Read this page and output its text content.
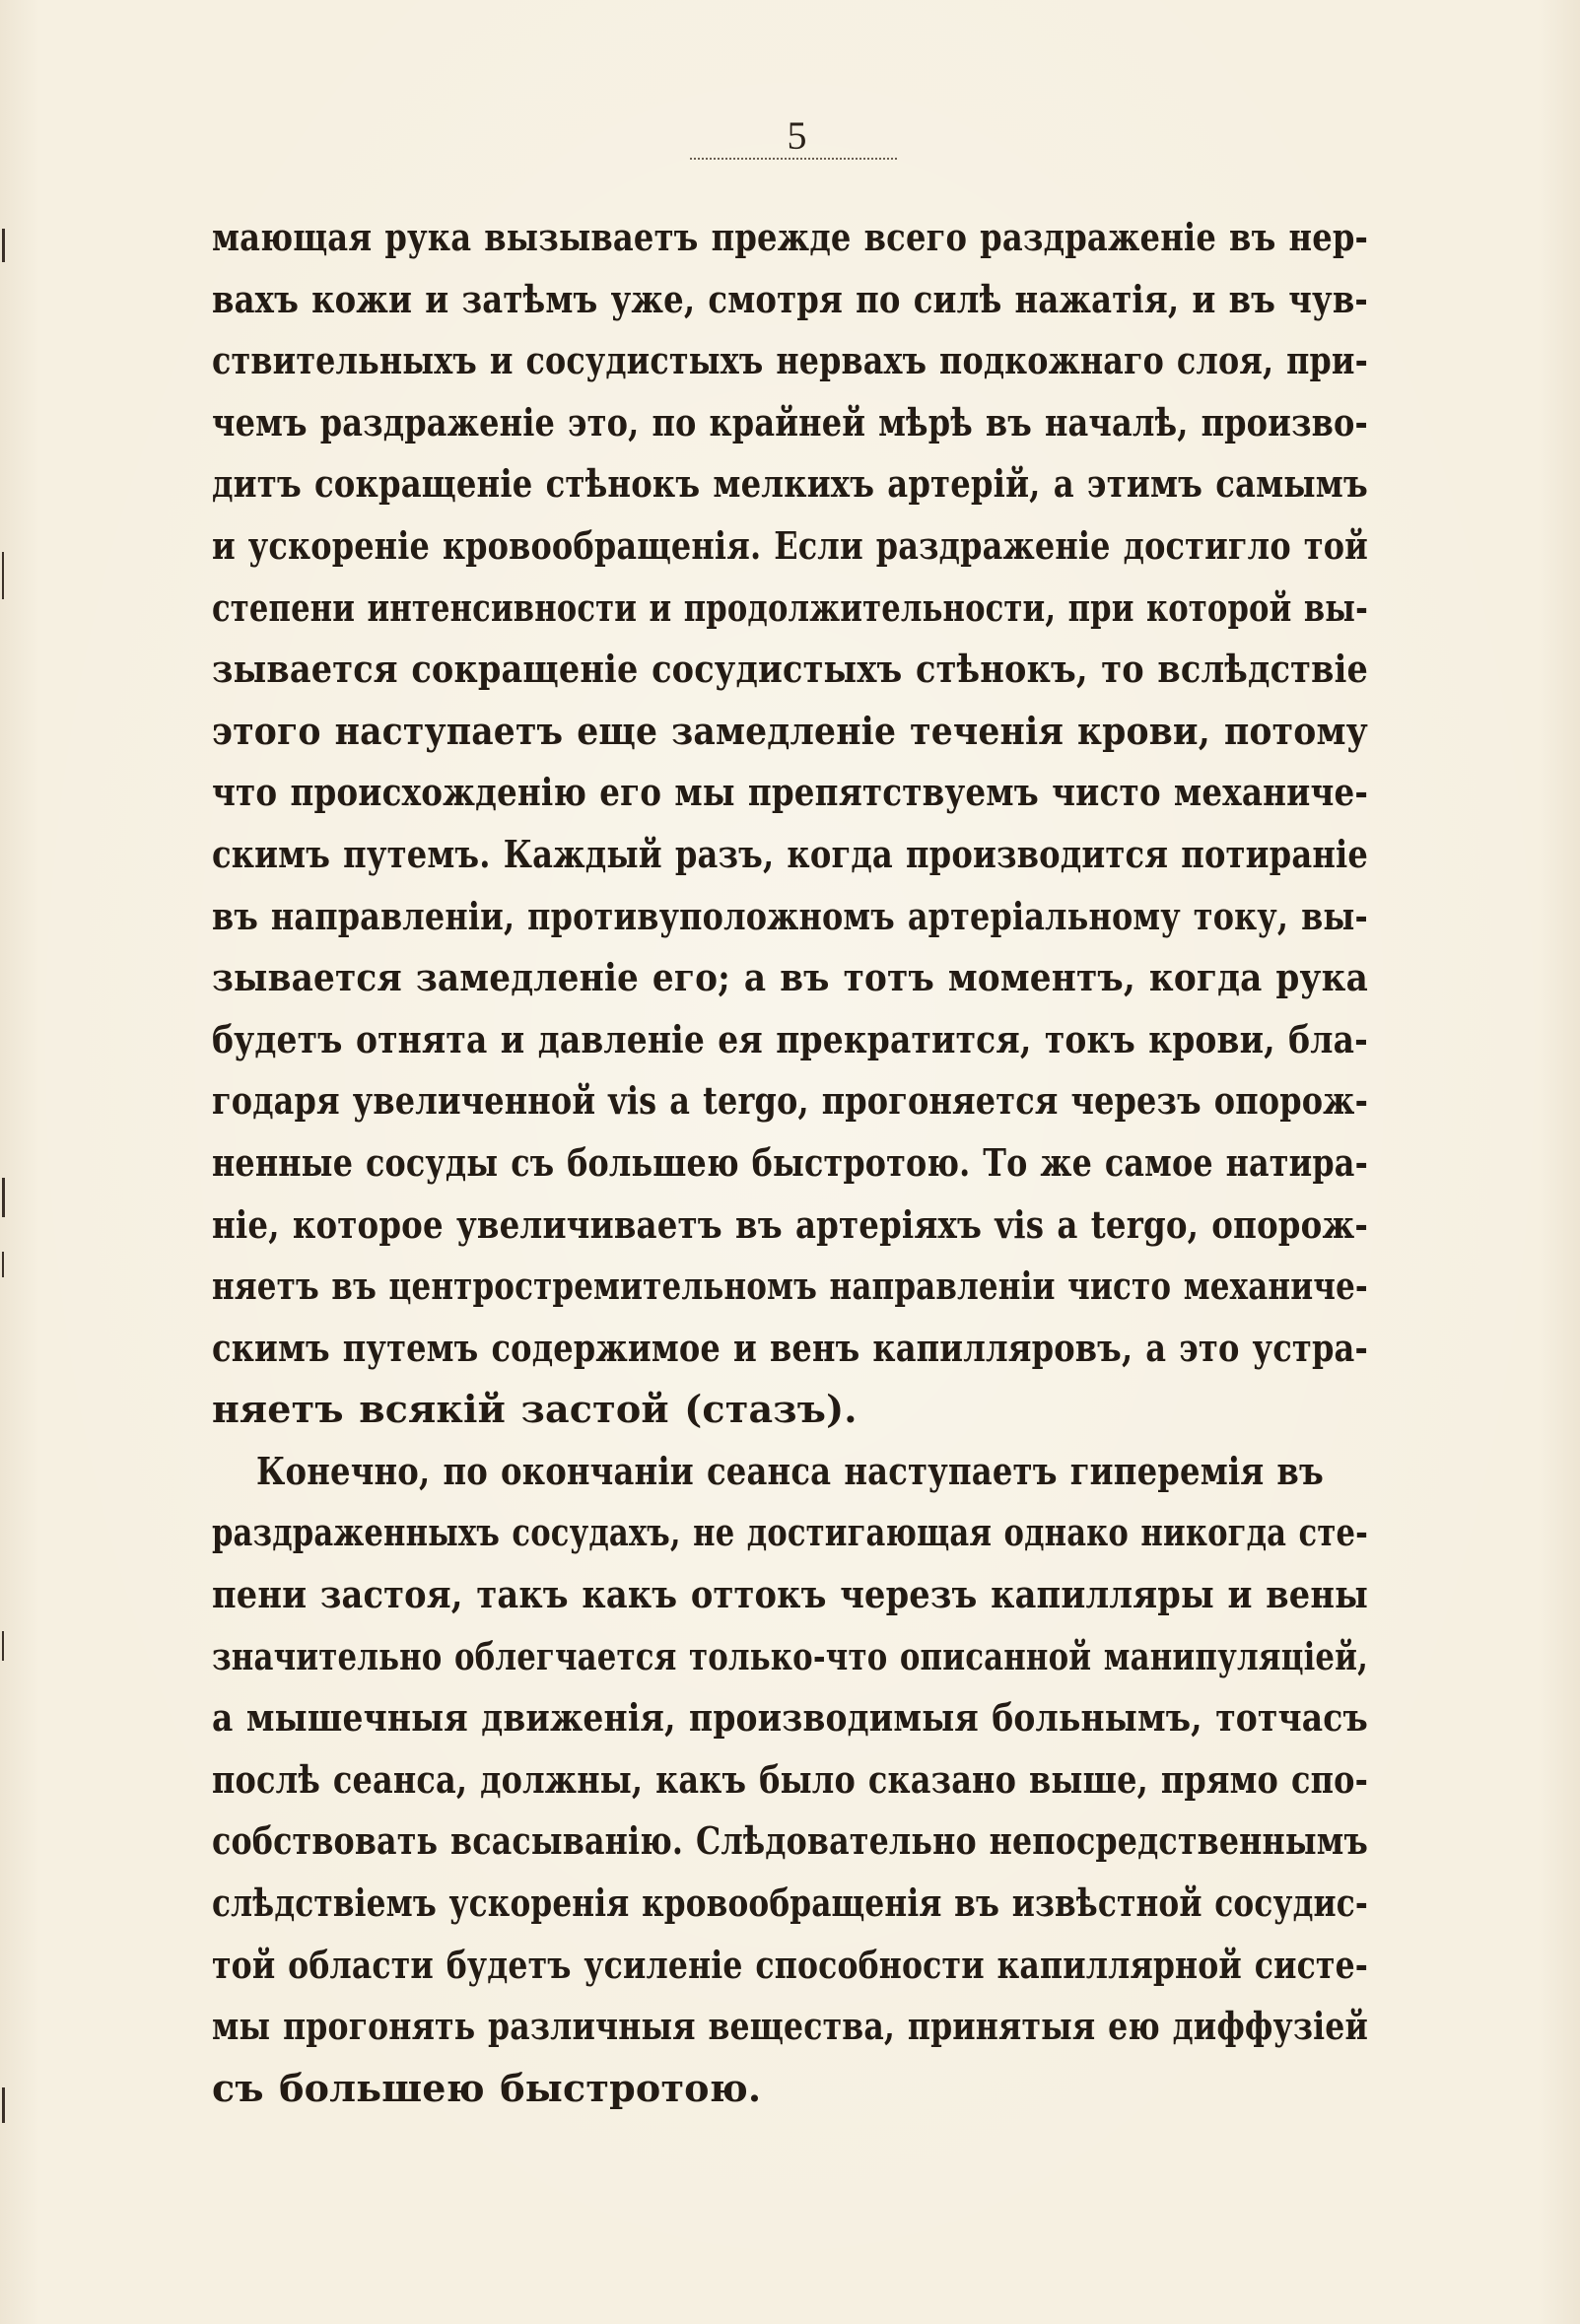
5
мающая рука вызываетъ прежде всего раздраженіе въ нер-
вахъ кожи и затѣмъ уже, смотря по силѣ нажатія, и въ чув-
ствительныхъ и сосудистыхъ нервахъ подкожнаго слоя, при-
чемъ раздраженіе это, по крайней мѣрѣ въ началѣ, произво-
дитъ сокращеніе стѣнокъ мелкихъ артерій, а этимъ самымъ
и ускореніе кровообращенія. Если раздраженіе достигло той
степени интенсивности и продолжительности, при которой вы-
зывается сокращеніе сосудистыхъ стѣнокъ, то вслѣдствіе
этого наступаетъ еще замедленіе теченія крови, потому
что происхожденію его мы препятствуемъ чисто механиче-
скимъ путемъ. Каждый разъ, когда производится потираніе
въ направленіи, противуположномъ артеріальному току, вы-
зывается замедленіе его; а въ тотъ моментъ, когда рука
будетъ отнята и давленіе ея прекратится, токъ крови, бла-
годаря увеличенной vis a tergo, прогоняется черезъ опорож-
ненные сосуды съ большею быстротою. То же самое натира-
ніе, которое увеличиваетъ въ артеріяхъ vis a tergo, опорож-
няетъ въ центростремительномъ направленіи чисто механиче-
скимъ путемъ содержимое и венъ капилляровъ, а это устра-
няетъ всякій застой (стазъ).
Конечно, по окончаніи сеанса наступаетъ гиперемія въ
раздраженныхъ сосудахъ, не достигающая однако никогда сте-
пени застоя, такъ какъ оттокъ черезъ капилляры и вены
значительно облегчается только-что описанной манипуляціей,
а мышечныя движенія, производимыя больнымъ, тотчасъ
послѣ сеанса, должны, какъ было сказано выше, прямо спо-
собствовать всасыванію. Слѣдовательно непосредственнымъ
слѣдствіемъ ускоренія кровообращенія въ извѣстной сосудис-
той области будетъ усиленіе способности капиллярной систе-
мы прогонять различныя вещества, принятыя ею диффузіей
съ большею быстротою.
